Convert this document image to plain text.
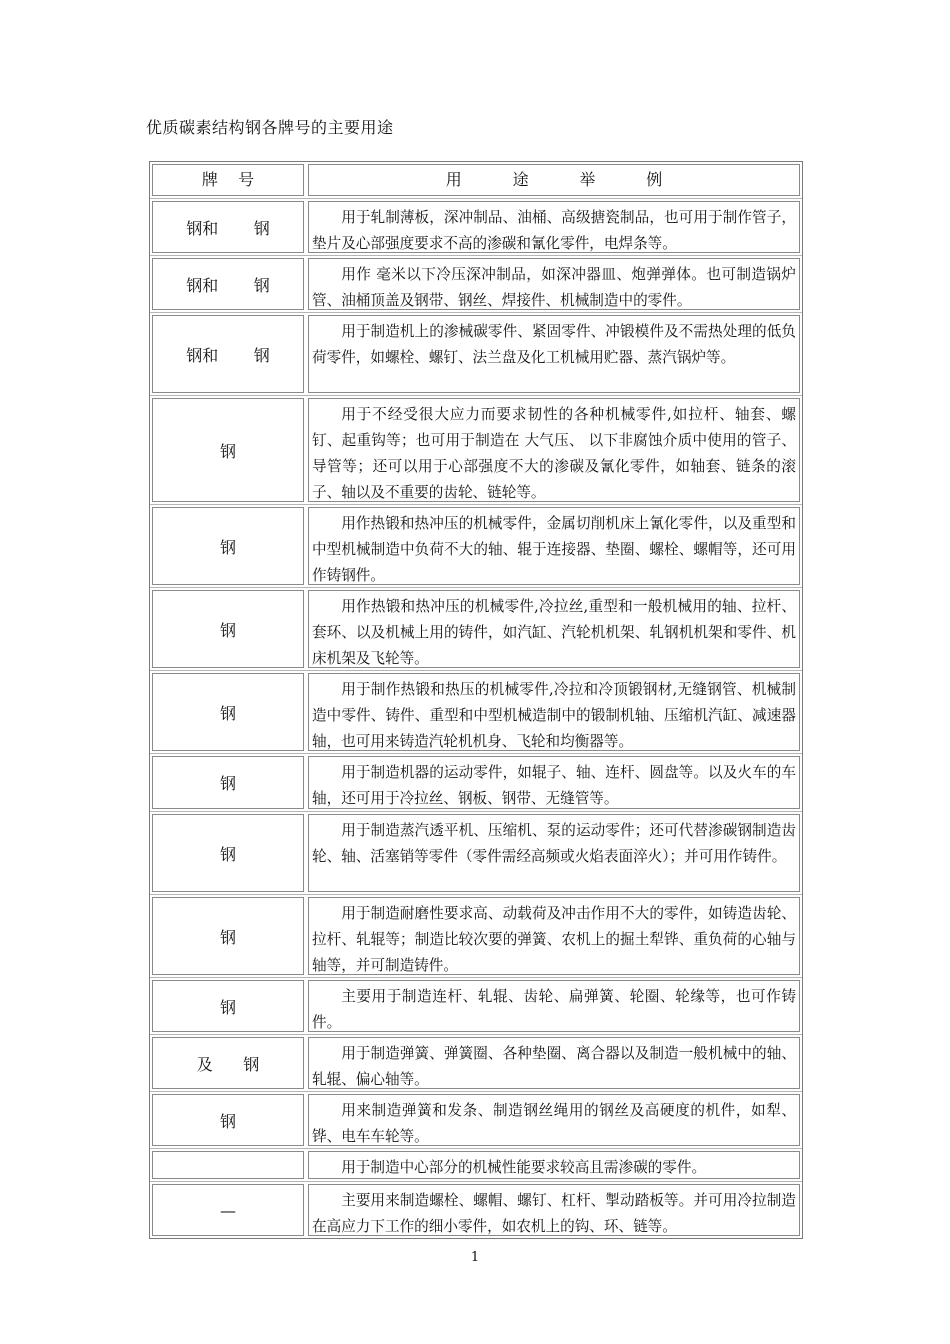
优质碳素结构钢各牌号的主要用途
牌    号	用          途          举          例
钢和       钢
用于轧制薄板，深冲制品、油桶、高级搪瓷制品，也可用于制作管子，垫片及心部强度要求不高的渗碳和氰化零件，电焊条等。
钢和       钢
用作 毫米以下冷压深冲制品，如深冲器皿、炮弹弹体。也可制造锅炉管、油桶顶盖及钢带、钢丝、焊接件、机械制造中的零件。
钢和       钢
用于制造机上的渗械碳零件、紧固零件、冲锻模件及不需热处理的低负荷零件，如螺栓、螺钉、法兰盘及化工机械用贮器、蒸汽锅炉等。
钢
用于不经受很大应力而要求韧性的各种机械零件,如拉杆、轴套、螺钉、起重钩等；也可用于制造在 大气压、 以下非腐蚀介质中使用的管子、导管等；还可以用于心部强度不大的渗碳及氰化零件，如轴套、链条的滚子、轴以及不重要的齿轮、链轮等。
钢
用作热锻和热冲压的机械零件，金属切削机床上氰化零件，以及重型和中型机械制造中负荷不大的轴、辊于连接器、垫圈、螺栓、螺帽等，还可用作铸钢件。
钢
用作热锻和热冲压的机械零件,冷拉丝,重型和一般机械用的轴、拉杆、套环、以及机械上用的铸件，如汽缸、汽轮机机架、轧钢机机架和零件、机床机架及飞轮等。
钢
用于制作热锻和热压的机械零件,冷拉和冷顶锻钢材,无缝钢管、机械制造中零件、铸件、重型和中型机械造制中的锻制机轴、压缩机汽缸、减速器轴，也可用来铸造汽轮机机身、飞轮和均衡器等。
钢
用于制造机器的运动零件，如辊子、轴、连杆、圆盘等。以及火车的车轴，还可用于冷拉丝、钢板、钢带、无缝管等。
钢
用于制造蒸汽透平机、压缩机、泵的运动零件；还可代替渗碳钢制造齿轮、轴、活塞销等零件（零件需经高频或火焰表面淬火）；并可用作铸件。
钢
用于制造耐磨性要求高、动载荷及冲击作用不大的零件，如铸造齿轮、拉杆、轧辊等；制造比较次要的弹簧、农机上的掘土犁铧、重负荷的心轴与轴等，并可制造铸件。
钢
主要用于制造连杆、轧辊、齿轮、扁弹簧、轮圈、轮缘等，也可作铸件。
及      钢
用于制造弹簧、弹簧圈、各种垫圈、离合器以及制造一般机械中的轴、轧辊、偏心轴等。
钢
用来制造弹簧和发条、制造钢丝绳用的钢丝及高硬度的机件，如犁、铧、电车车轮等。
用于制造中心部分的机械性能要求较高且需渗碳的零件。
—	主要用来制造螺栓、螺帽、螺钉、杠杆、掣动踏板等。并可用冷拉制造在高应力下工作的细小零件，如农机上的钩、环、链等。
1
